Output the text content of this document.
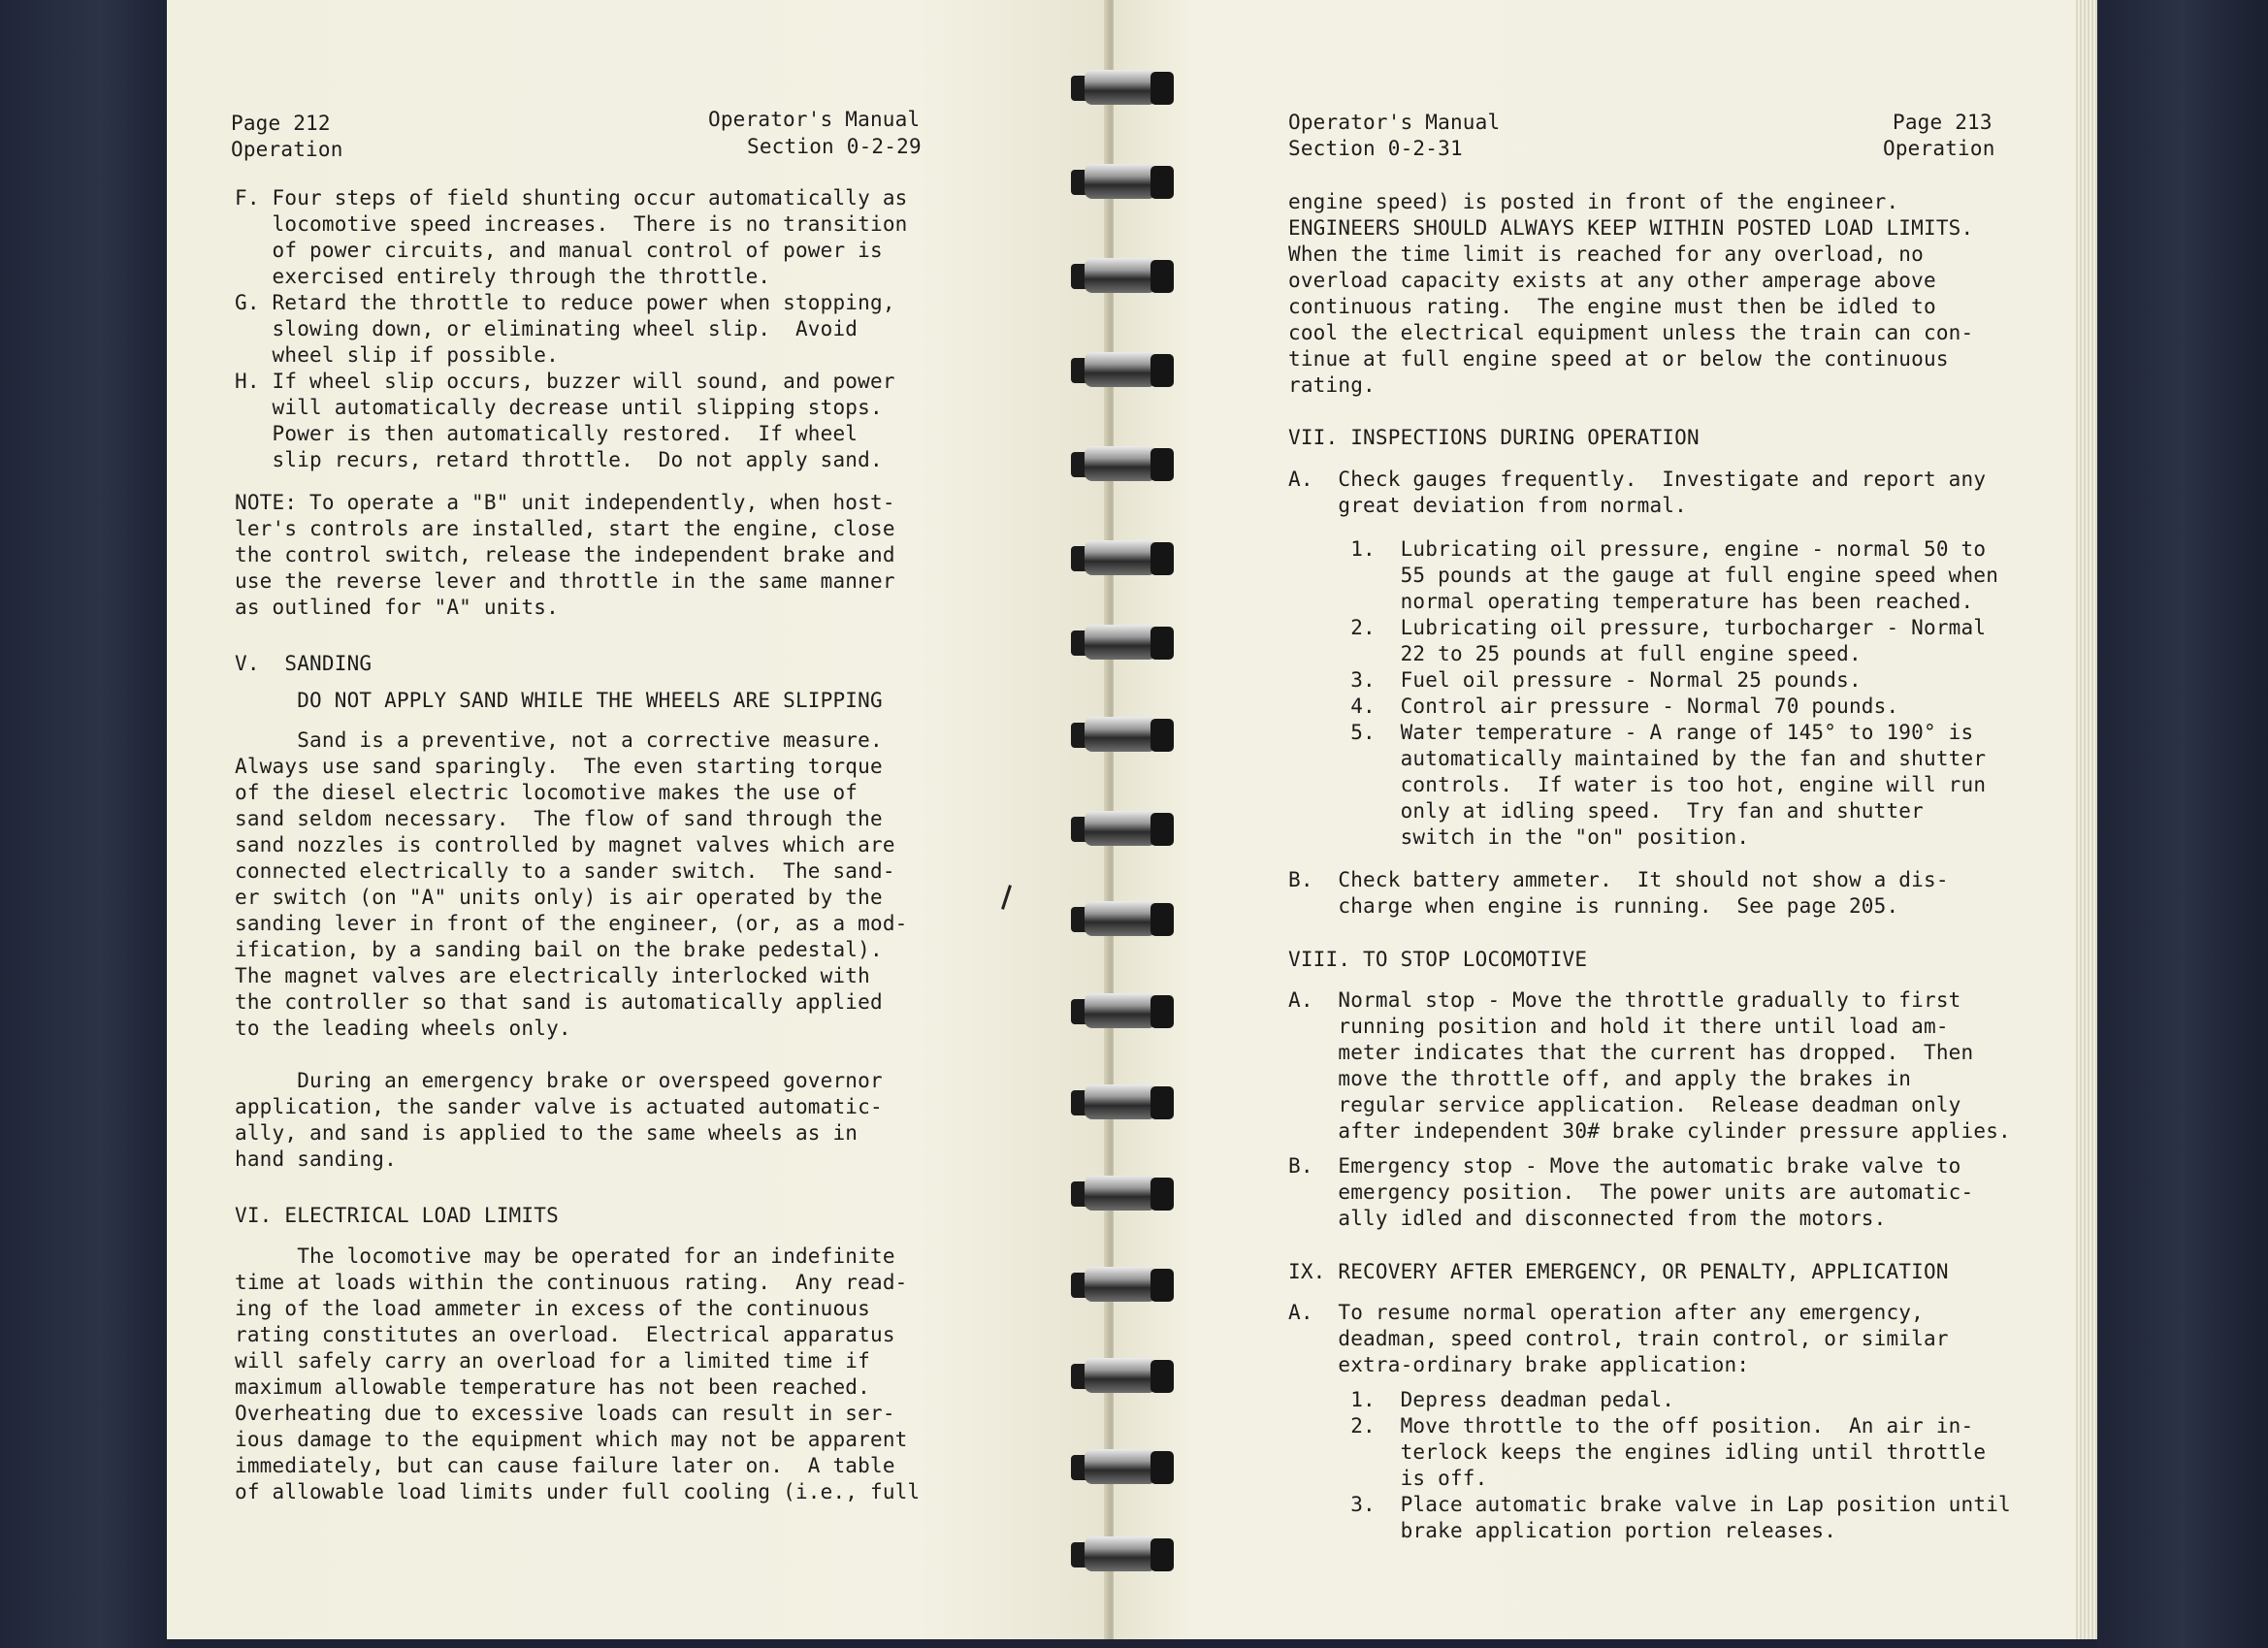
Page 212
Operation
Operator's Manual
Section 0-2-29
F. Four steps of field shunting occur automatically as
locomotive speed increases.  There is no transition
of power circuits, and manual control of power is
exercised entirely through the throttle.
G. Retard the throttle to reduce power when stopping,
slowing down, or eliminating wheel slip.  Avoid
wheel slip if possible.
H. If wheel slip occurs, buzzer will sound, and power
will automatically decrease until slipping stops.
Power is then automatically restored.  If wheel
slip recurs, retard throttle.  Do not apply sand.
NOTE: To operate a "B" unit independently, when host-
ler's controls are installed, start the engine, close
the control switch, release the independent brake and
use the reverse lever and throttle in the same manner
as outlined for "A" units.
V.  SANDING
DO NOT APPLY SAND WHILE THE WHEELS ARE SLIPPING
Sand is a preventive, not a corrective measure.
Always use sand sparingly.  The even starting torque
of the diesel electric locomotive makes the use of
sand seldom necessary.  The flow of sand through the
sand nozzles is controlled by magnet valves which are
connected electrically to a sander switch.  The sand-
er switch (on "A" units only) is air operated by the
sanding lever in front of the engineer, (or, as a mod-
ification, by a sanding bail on the brake pedestal).
The magnet valves are electrically interlocked with
the controller so that sand is automatically applied
to the leading wheels only.
During an emergency brake or overspeed governor
application, the sander valve is actuated automatic-
ally, and sand is applied to the same wheels as in
hand sanding.
VI. ELECTRICAL LOAD LIMITS
The locomotive may be operated for an indefinite
time at loads within the continuous rating.  Any read-
ing of the load ammeter in excess of the continuous
rating constitutes an overload.  Electrical apparatus
will safely carry an overload for a limited time if
maximum allowable temperature has not been reached.
Overheating due to excessive loads can result in ser-
ious damage to the equipment which may not be apparent
immediately, but can cause failure later on.  A table
of allowable load limits under full cooling (i.e., full
Operator's Manual
Section 0-2-31
Page 213
Operation
engine speed) is posted in front of the engineer.
ENGINEERS SHOULD ALWAYS KEEP WITHIN POSTED LOAD LIMITS.
When the time limit is reached for any overload, no
overload capacity exists at any other amperage above
continuous rating.  The engine must then be idled to
cool the electrical equipment unless the train can con-
tinue at full engine speed at or below the continuous
rating.
VII. INSPECTIONS DURING OPERATION
A.  Check gauges frequently.  Investigate and report any
great deviation from normal.
1.  Lubricating oil pressure, engine - normal 50 to
55 pounds at the gauge at full engine speed when
normal operating temperature has been reached.
2.  Lubricating oil pressure, turbocharger - Normal
22 to 25 pounds at full engine speed.
3.  Fuel oil pressure - Normal 25 pounds.
4.  Control air pressure - Normal 70 pounds.
5.  Water temperature - A range of 145° to 190° is
automatically maintained by the fan and shutter
controls.  If water is too hot, engine will run
only at idling speed.  Try fan and shutter
switch in the "on" position.
B.  Check battery ammeter.  It should not show a dis-
charge when engine is running.  See page 205.
VIII. TO STOP LOCOMOTIVE
A.  Normal stop - Move the throttle gradually to first
running position and hold it there until load am-
meter indicates that the current has dropped.  Then
move the throttle off, and apply the brakes in
regular service application.  Release deadman only
after independent 30# brake cylinder pressure applies.
B.  Emergency stop - Move the automatic brake valve to
emergency position.  The power units are automatic-
ally idled and disconnected from the motors.
IX. RECOVERY AFTER EMERGENCY, OR PENALTY, APPLICATION
A.  To resume normal operation after any emergency,
deadman, speed control, train control, or similar
extra-ordinary brake application:
1.  Depress deadman pedal.
2.  Move throttle to the off position.  An air in-
terlock keeps the engines idling until throttle
is off.
3.  Place automatic brake valve in Lap position until
brake application portion releases.
